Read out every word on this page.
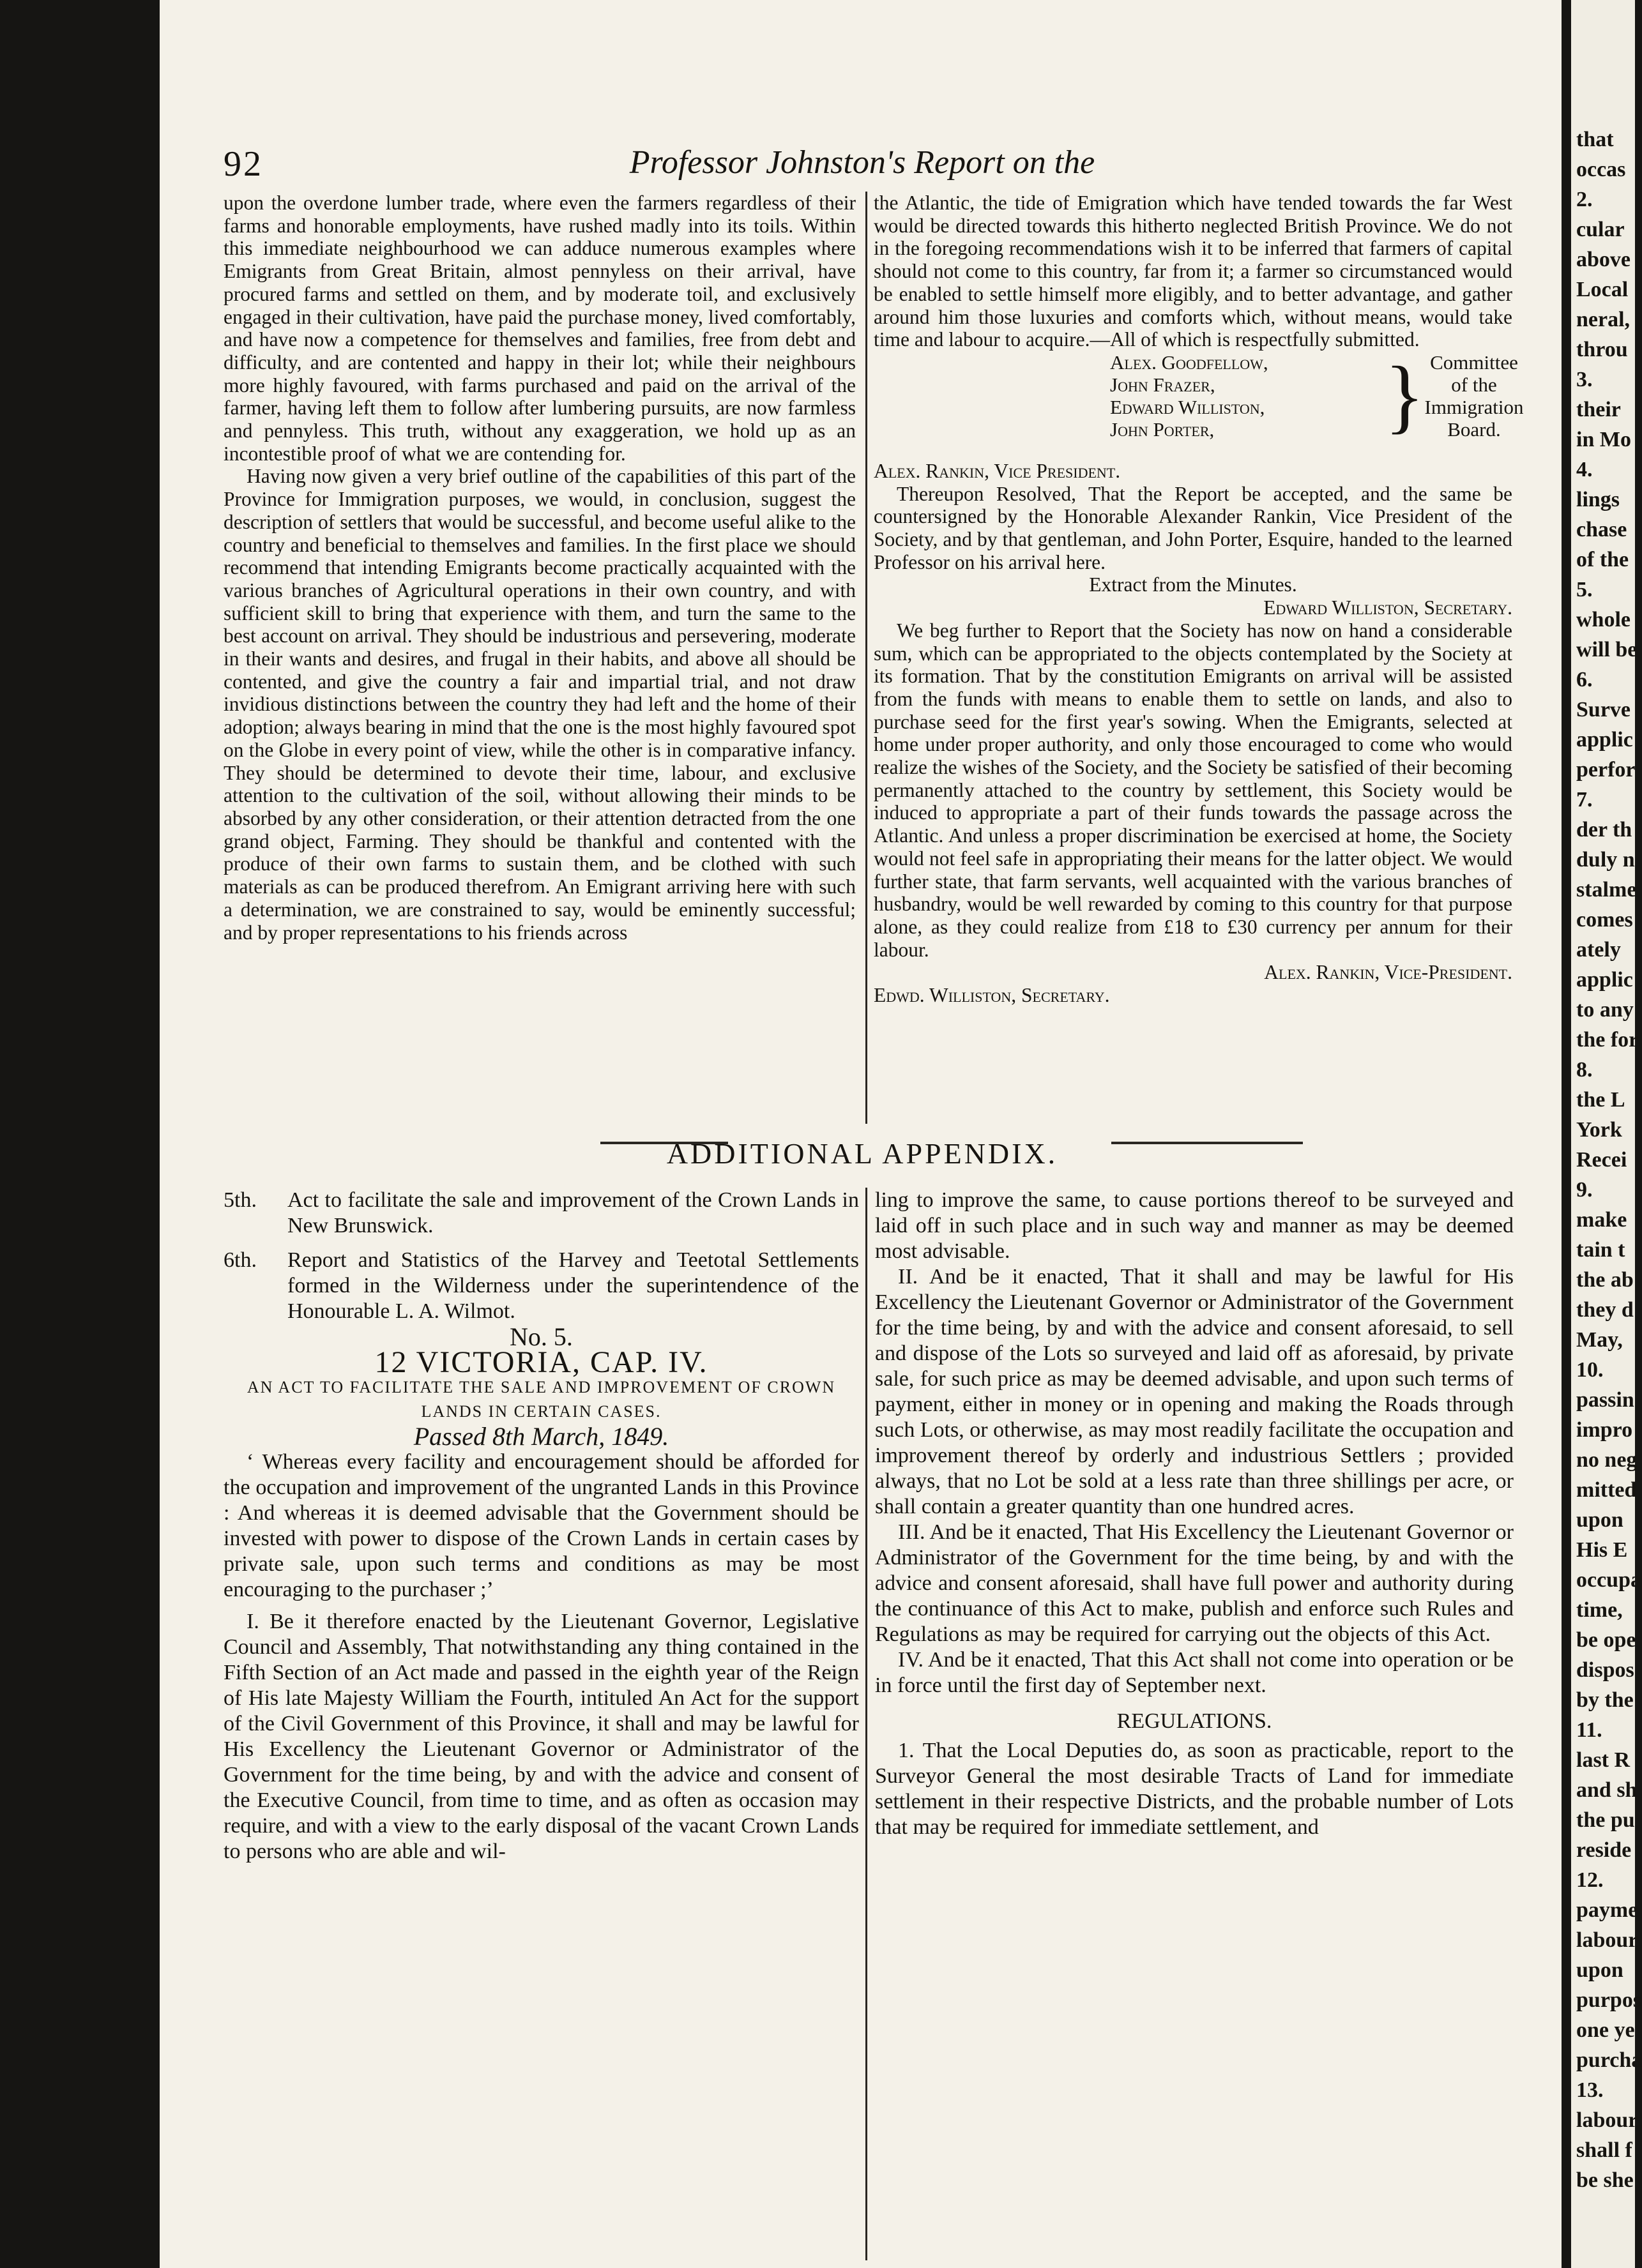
92	Professor Johnston's Report on the

upon the overdone lumber trade, where even the farmers regardless of their farms and honorable employments, have rushed madly into its toils. Within this immediate neighbourhood we can adduce numerous examples where Emigrants from Great Britain, almost pennyless on their arrival, have procured farms and settled on them, and by moderate toil, and exclusively engaged in their cultivation, have paid the purchase money, lived comfortably, and have now a competence for themselves and families, free from debt and difficulty, and are contented and happy in their lot; while their neighbours more highly favoured, with farms purchased and paid on the arrival of the farmer, having left them to follow after lumbering pursuits, are now farmless and pennyless. This truth, without any exaggeration, we hold up as an incontestible proof of what we are contending for.

Having now given a very brief outline of the capabilities of this part of the Province for Immigration purposes, we would, in conclusion, suggest the description of settlers that would be successful, and become useful alike to the country and beneficial to themselves and families. In the first place we should recommend that intending Emigrants become practically acquainted with the various branches of Agricultural operations in their own country, and with sufficient skill to bring that experience with them, and turn the same to the best account on arrival. They should be industrious and persevering, moderate in their wants and desires, and frugal in their habits, and above all should be contented, and give the country a fair and impartial trial, and not draw invidious distinctions between the country they had left and the home of their adoption; always bearing in mind that the one is the most highly favoured spot on the Globe in every point of view, while the other is in comparative infancy. They should be determined to devote their time, labour, and exclusive attention to the cultivation of the soil, without allowing their minds to be absorbed by any other consideration, or their attention detracted from the one grand object, Farming. They should be thankful and contented with the produce of their own farms to sustain them, and be clothed with such materials as can be produced therefrom. An Emigrant arriving here with such a determination, we are constrained to say, would be eminently successful; and by proper representations to his friends across

the Atlantic, the tide of Emigration which have tended towards the far West would be directed towards this hitherto neglected British Province. We do not in the foregoing recommendations wish it to be inferred that farmers of capital should not come to this country, far from it; a farmer so circumstanced would be enabled to settle himself more eligibly, and to better advantage, and gather around him those luxuries and comforts which, without means, would take time and labour to acquire.—All of which is respectfully submitted.

Alex. Goodfellow,
John Frazer,
Edward Williston,
John Porter,	} Committee
of the
Immigration
Board.

Alex. Rankin, Vice President.

Thereupon Resolved, That the Report be accepted, and the same be countersigned by the Honorable Alexander Rankin, Vice President of the Society, and by that gentleman, and John Porter, Esquire, handed to the learned Professor on his arrival here.

Extract from the Minutes.

Edward Williston, Secretary.

We beg further to Report that the Society has now on hand a considerable sum, which can be appropriated to the objects contemplated by the Society at its formation. That by the constitution Emigrants on arrival will be assisted from the funds with means to enable them to settle on lands, and also to purchase seed for the first year's sowing. When the Emigrants, selected at home under proper authority, and only those encouraged to come who would realize the wishes of the Society, and the Society be satisfied of their becoming permanently attached to the country by settlement, this Society would be induced to appropriate a part of their funds towards the passage across the Atlantic. And unless a proper discrimination be exercised at home, the Society would not feel safe in appropriating their means for the latter object. We would further state, that farm servants, well acquainted with the various branches of husbandry, would be well rewarded by coming to this country for that purpose alone, as they could realize from £18 to £30 currency per annum for their labour.

Alex. Rankin, Vice-President.

Edwd. Williston, Secretary.

ADDITIONAL APPENDIX.
5th.	Act to facilitate the sale and improvement of the Crown Lands in New Brunswick.
6th.	Report and Statistics of the Harvey and Teetotal Settlements formed in the Wilderness under the superintendence of the Honourable L. A. Wilmot.

No. 5.

12 VICTORIA, CAP. IV.

AN ACT TO FACILITATE THE SALE AND IMPROVEMENT OF CROWN LANDS IN CERTAIN CASES.

Passed 8th March, 1849.

‘ Whereas every facility and encouragement should be afforded for the occupation and improvement of the ungranted Lands in this Province : And whereas it is deemed advisable that the Government should be invested with power to dispose of the Crown Lands in certain cases by private sale, upon such terms and conditions as may be most encouraging to the purchaser ;’

I. Be it therefore enacted by the Lieutenant Governor, Legislative Council and Assembly, That notwithstanding any thing contained in the Fifth Section of an Act made and passed in the eighth year of the Reign of His late Majesty William the Fourth, intituled An Act for the support of the Civil Government of this Province, it shall and may be lawful for His Excellency the Lieutenant Governor or Administrator of the Government for the time being, by and with the advice and consent of the Executive Council, from time to time, and as often as occasion may require, and with a view to the early disposal of the vacant Crown Lands to persons who are able and wil-

ling to improve the same, to cause portions thereof to be surveyed and laid off in such place and in such way and manner as may be deemed most advisable.

II. And be it enacted, That it shall and may be lawful for His Excellency the Lieutenant Governor or Administrator of the Government for the time being, by and with the advice and consent aforesaid, to sell and dispose of the Lots so surveyed and laid off as aforesaid, by private sale, for such price as may be deemed advisable, and upon such terms of payment, either in money or in opening and making the Roads through such Lots, or otherwise, as may most readily facilitate the occupation and improvement thereof by orderly and industrious Settlers ; provided always, that no Lot be sold at a less rate than three shillings per acre, or shall contain a greater quantity than one hundred acres.

III. And be it enacted, That His Excellency the Lieutenant Governor or Administrator of the Government for the time being, by and with the advice and consent aforesaid, shall have full power and authority during the continuance of this Act to make, publish and enforce such Rules and Regulations as may be required for carrying out the objects of this Act.

IV. And be it enacted, That this Act shall not come into operation or be in force until the first day of September next.

REGULATIONS.

1. That the Local Deputies do, as soon as practicable, report to the Surveyor General the most desirable Tracts of Land for immediate settlement in their respective Districts, and the probable number of Lots that may be required for immediate settlement, and

that
occas
2.
cular
above
Local
neral,
throu
3.
their
in Mo
4.
lings
chase
of the
5.
whole
will be
6.
Surve
applic
perfor
7.
der th
duly n
stalme
comes
ately
applic
to any
the for
8.
the L
York
Recei
9.
make
tain t
the ab
they d
May,
10.
passin
impro
no neg
mitted
upon
His E
occupa
time,
be ope
dispos
by the
11.
last R
and sh
the pu
reside
12.
payme
labour
upon
purpos
one ye
purcha
13.
labour
shall f
be she
